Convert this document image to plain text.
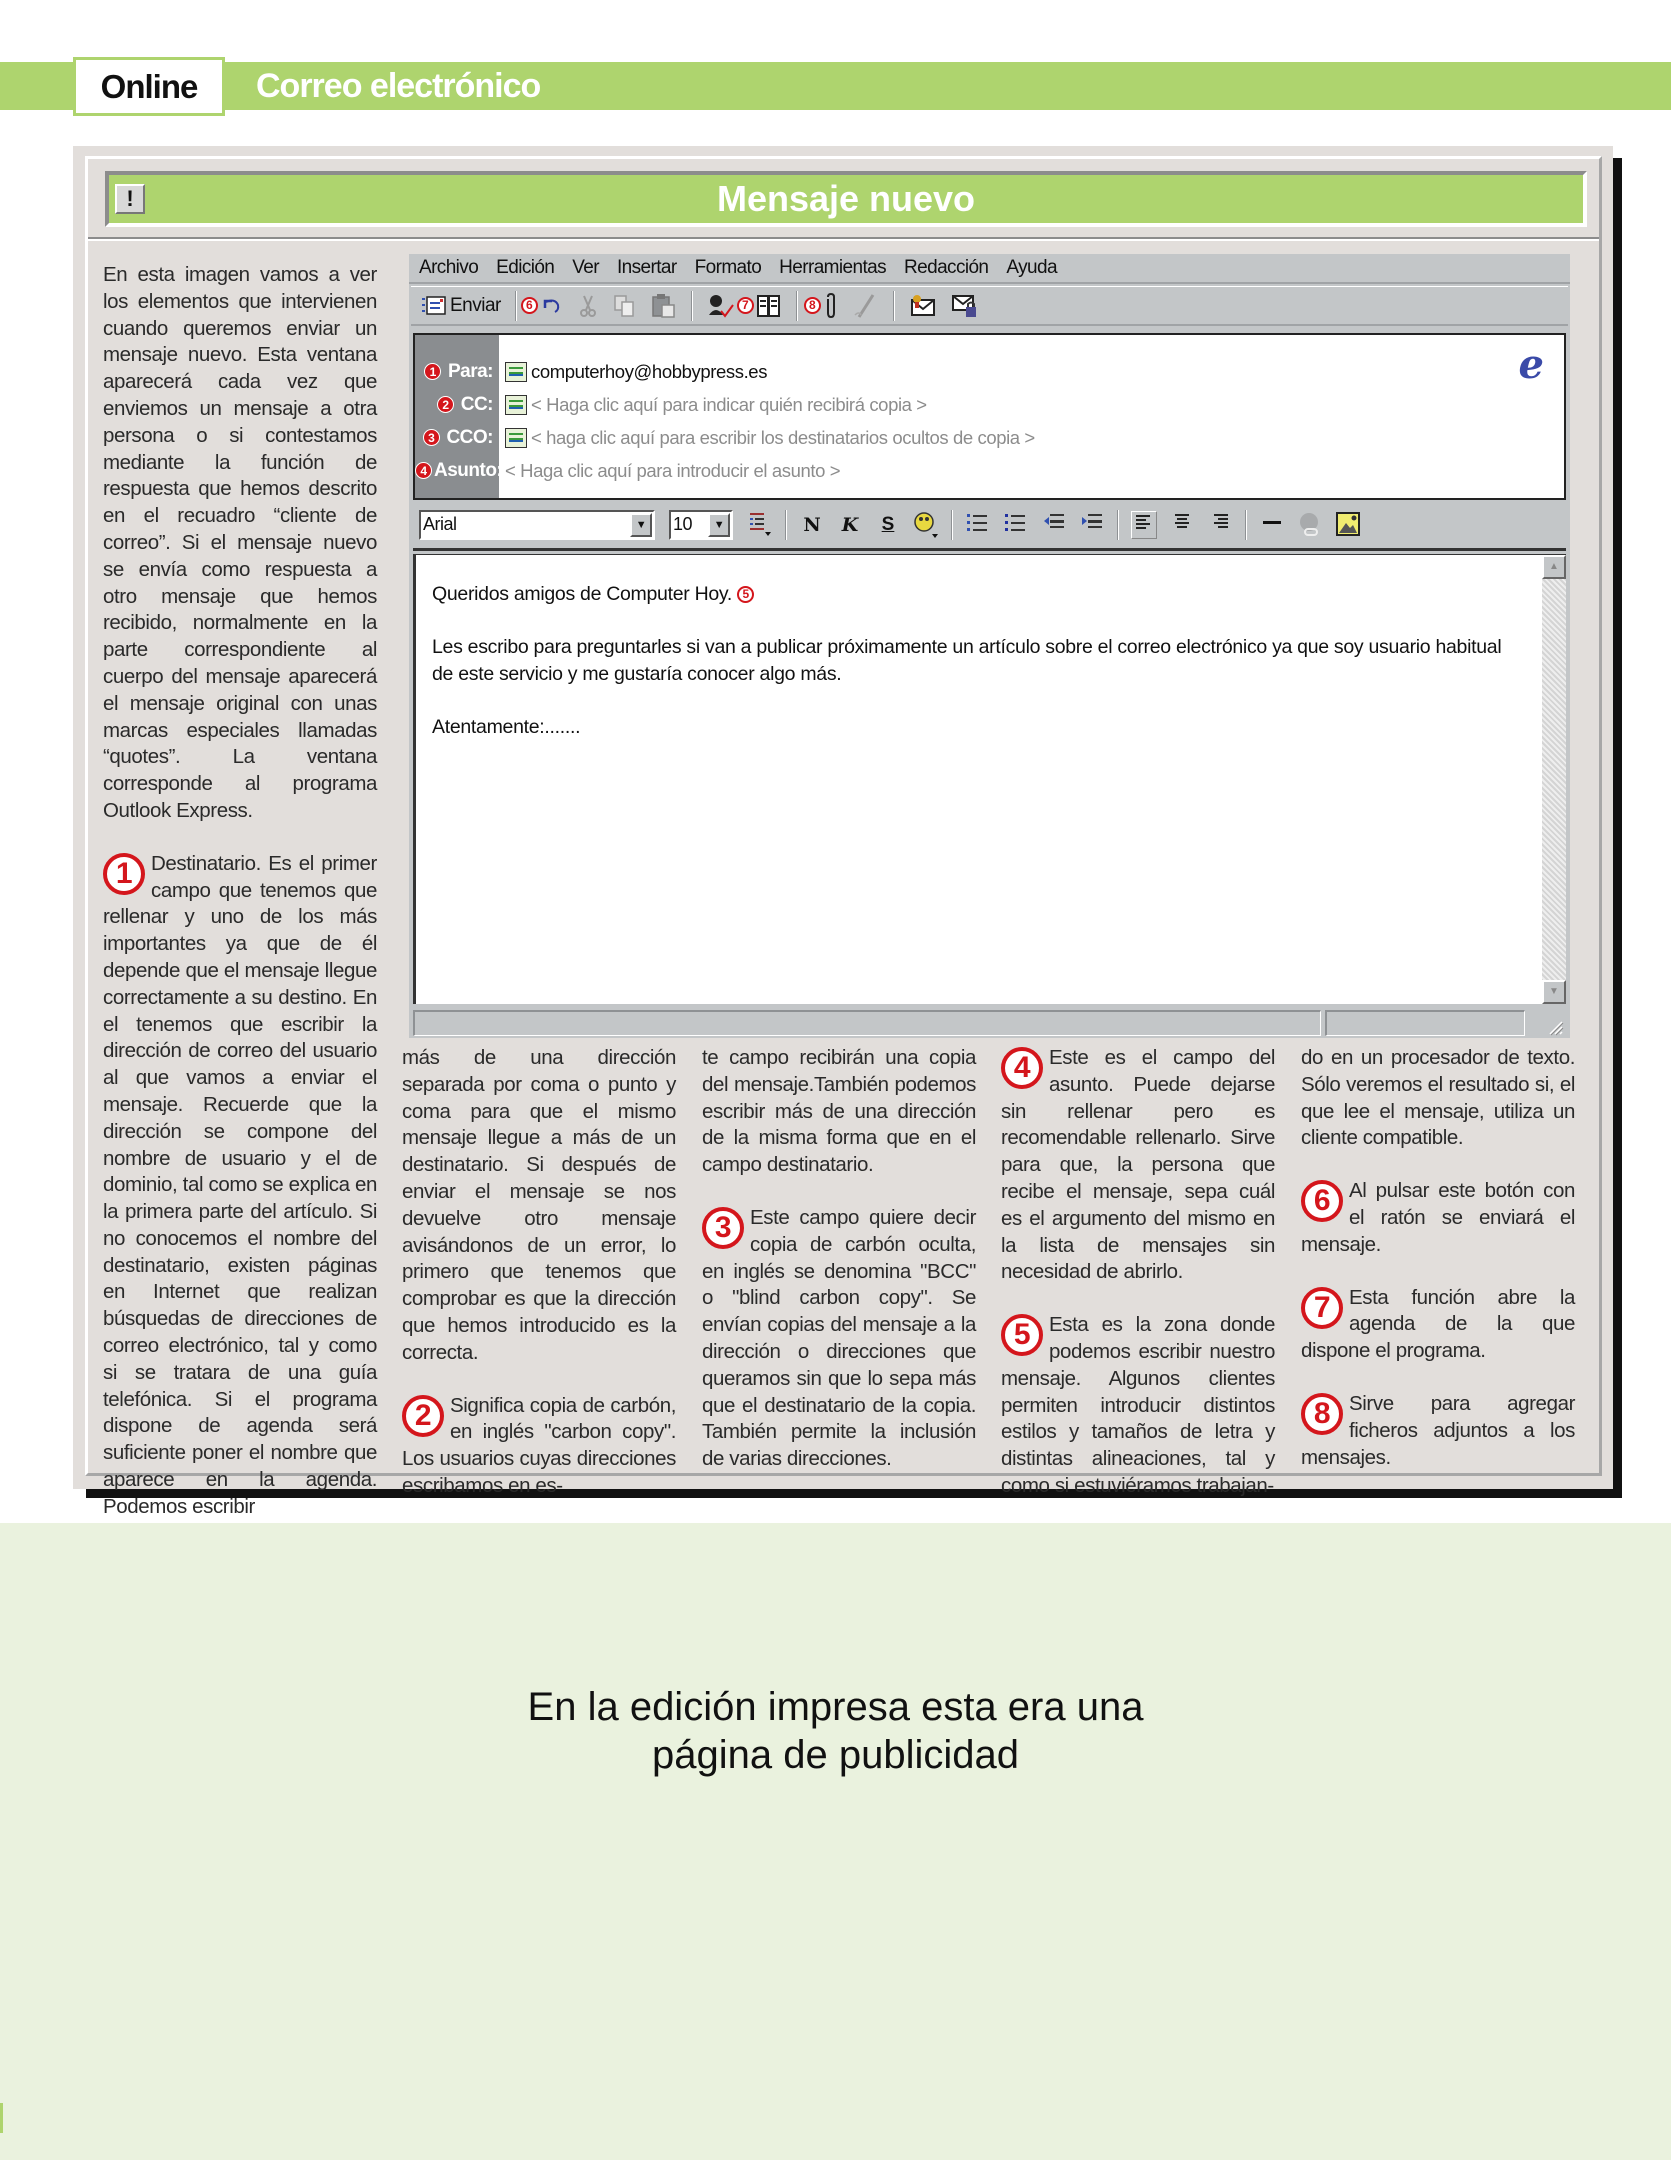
Online	Correo electrónico
!	Mensaje nuevo

En esta imagen vamos a ver los elementos que intervienen cuando queremos enviar un mensaje nuevo. Esta ventana aparecerá cada vez que enviemos un mensaje a otra persona o si contestamos mediante la función de respuesta que hemos descrito en el recuadro “cliente de correo”. Si el mensaje nuevo se envía como respuesta a otro mensaje que hemos recibido, normalmente en la parte correspondiente al cuerpo del mensaje aparecerá el mensaje original con unas marcas especiales llamadas “quotes”. La ventana corresponde al programa Outlook Express.

1 Destinatario. Es el primer campo que tenemos que rellenar y uno de los más importantes ya que de él depende que el mensaje llegue correctamente a su destino. En el tenemos que escribir la dirección de correo del usuario al que vamos a enviar el mensaje. Recuerde que la dirección se compone del nombre de usuario y el de dominio, tal como se explica en la primera parte del artículo. Si no conocemos el nombre del destinatario, existen páginas en Internet que realizan búsquedas de direcciones de correo electrónico, tal y como si se tratara de una guía telefónica. Si el programa dispone de agenda será suficiente poner el nombre que aparece en la agenda. Podemos escribir

más de una dirección separada por coma o punto y coma para que el mismo mensaje llegue a más de un destinatario. Si después de enviar el mensaje se nos devuelve otro mensaje avisándonos de un error, lo primero que tenemos que comprobar es que la dirección que hemos introducido es la correcta.

2 Significa copia de carbón, en inglés "carbon copy". Los usuarios cuyas direcciones escribamos en es-

te campo recibirán una copia del mensaje.También podemos escribir más de una dirección de la misma forma que en el campo destinatario.

3 Este campo quiere decir copia de carbón oculta, en inglés se denomina "BCC" o "blind carbon copy". Se envían copias del mensaje a la dirección o direcciones que queramos sin que lo sepa más que el destinatario de la copia. También permite la inclusión de varias direcciones.

4 Este es el campo del asunto. Puede dejarse sin rellenar pero es recomendable rellenarlo. Sirve para que, la persona que recibe el mensaje, sepa cuál es el argumento del mismo en la lista de mensajes sin necesidad de abrirlo.

5 Esta es la zona donde podemos escribir nuestro mensaje. Algunos clientes permiten introducir distintos estilos y tamaños de letra y distintas alineaciones, tal y como si estuviéramos trabajan-

do en un procesador de texto. Sólo veremos el resultado si, el que lee el mensaje, utiliza un cliente compatible.

6 Al pulsar este botón con el ratón se enviará el mensaje.

7 Esta función abre la agenda de la que dispone el programa.

8 Sirve para agregar ficheros adjuntos a los mensajes.

Archivo Edición Ver Insertar Formato Herramientas Redacción Ayuda
Enviar	6	7	8
e
1 Para:	computerhoy@hobbypress.es
2 CC:	< Haga clic aquí para indicar quién recibirá copia >
3 CCO:	< haga clic aquí para escribir los destinatarios ocultos de copia >
4 Asunto: < Haga clic aquí para introducir el asunto >
Arial	▼	10	▼	N K	S

Queridos amigos de Computer Hoy. 5

Les escribo para preguntarles si van a publicar próximamente un artículo sobre el correo electrónico ya que soy usuario habitual de este servicio y me gustaría conocer algo más.

Atentamente:.......

▲
▼
En la edición impresa esta era una
página de publicidad
